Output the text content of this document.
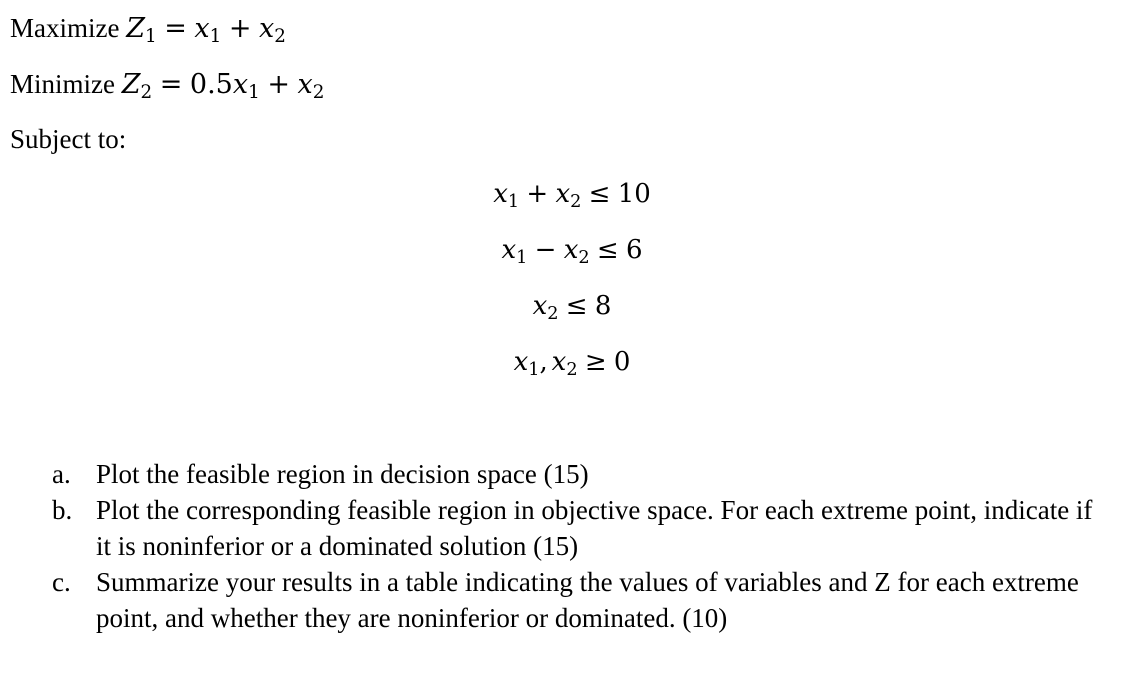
Maximize $Z_1 = x_1 + x_2$
Minimize $Z_2 = 0.5x_1 + x_2$
Subject to:
$x_1 + x_2 \le 10$
$x_1 - x_2 \le 6$
$x_2 \le 8$
$x_1$, $x_2 \ge 0$
a. Plot the feasible region in decision space (15)
b. Plot the corresponding feasible region in objective space. For each extreme point, indicate if it is noninferior or a dominated solution (15)
c. Summarize your results in a table indicating the values of variables and Z for each extreme point, and whether they are noninferior or dominated. (10)
